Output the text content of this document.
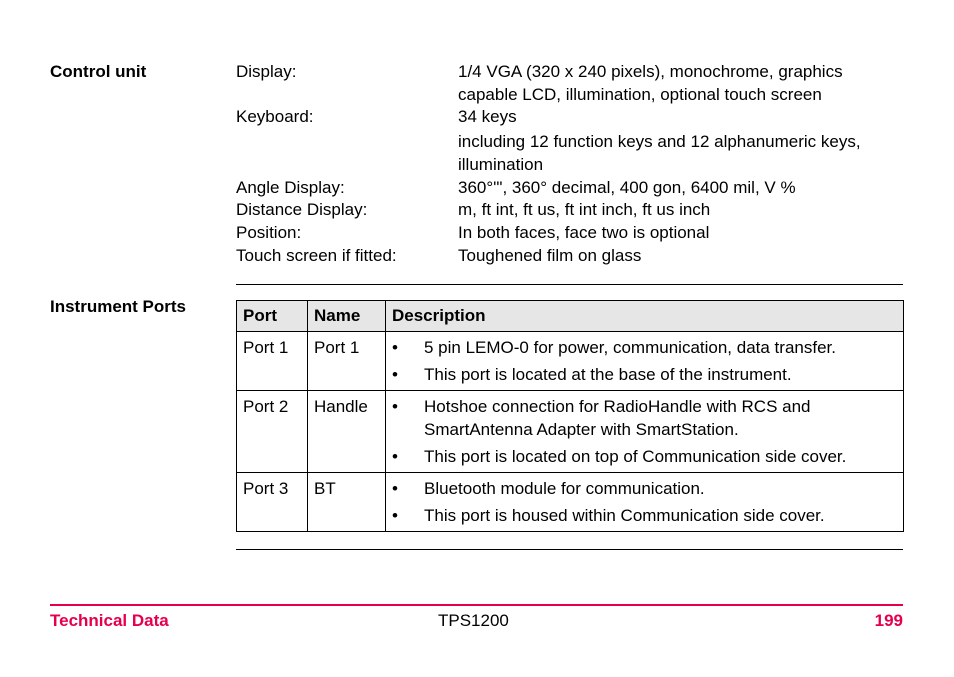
Control unit	Display:	1/4 VGA (320 x 240 pixels), monochrome, graphics
capable LCD, illumination, optional touch screen
Keyboard:	34 keys
including 12 function keys and 12 alphanumeric keys,
illumination
Angle Display:	360°'", 360° decimal, 400 gon, 6400 mil, V %
Distance Display:	m, ft int, ft us, ft int inch, ft us inch
Position:	In both faces, face two is optional
Touch screen if fitted:	Toughened film on glass
Instrument Ports	Port	Name	Description
Port 1	Port 1	• 5 pin LEMO-0 for power, communication, data transfer.
• This port is located at the base of the instrument.

Port 2	Handle	• Hotshoe connection for RadioHandle with RCS and
SmartAntenna Adapter with SmartStation.
• This port is located on top of Communication side cover.

Port 3	BT	• Bluetooth module for communication.
• This port is housed within Communication side cover.
Technical Data	TPS1200	199
